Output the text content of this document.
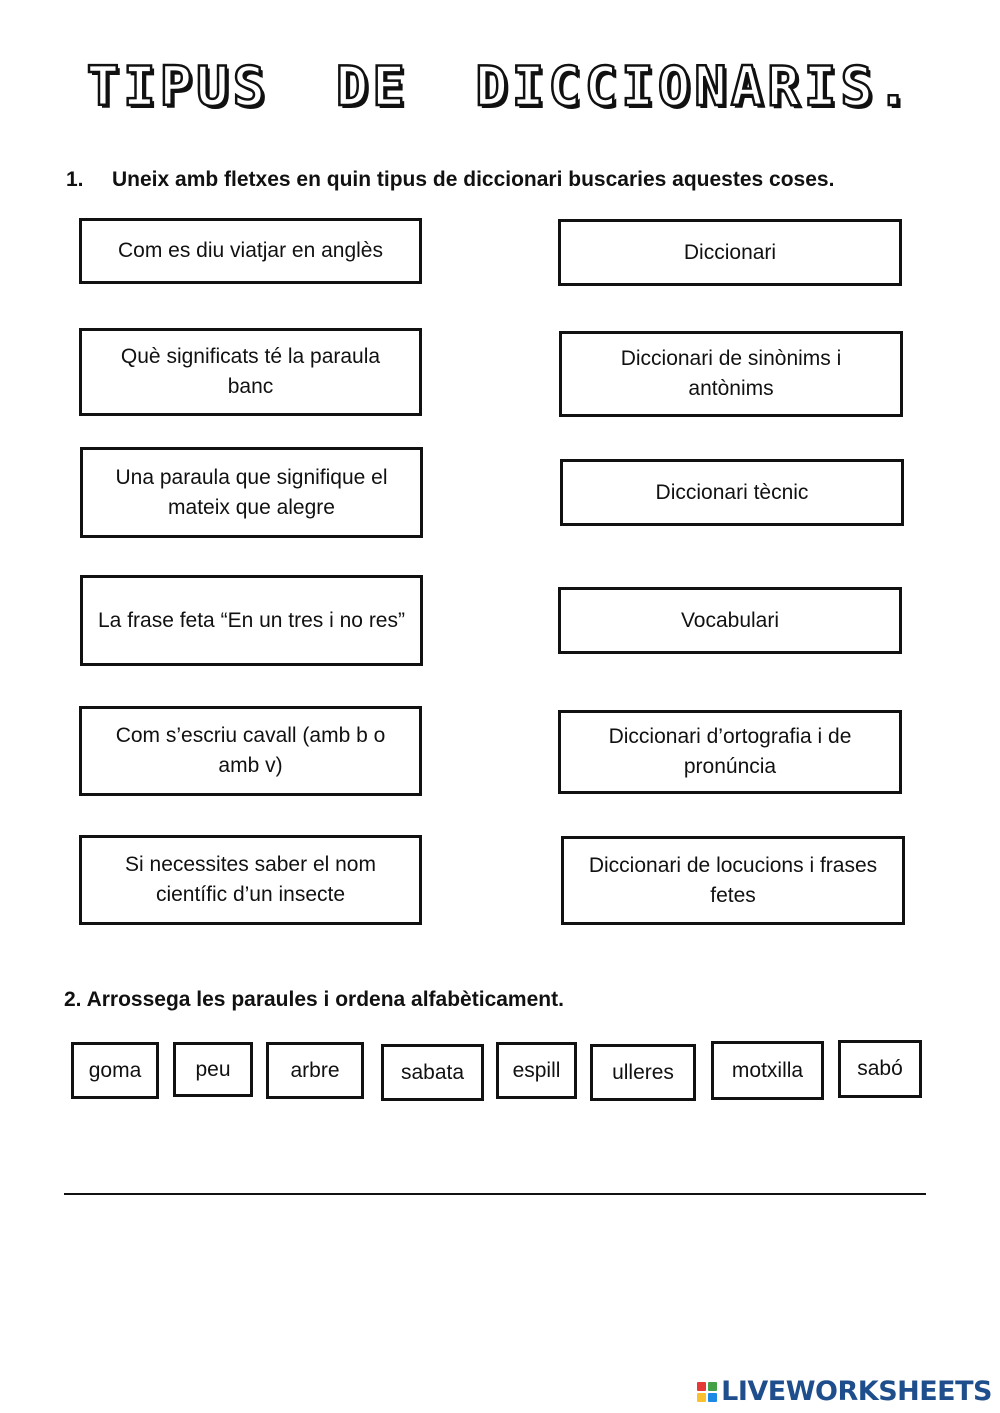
TIPUS DE DICCIONARIS.
1. Uneix amb fletxes en quin tipus de diccionari buscaries aquestes coses.
Com es diu viatjar en anglès
Què significats té la paraula banc
Una paraula que signifique el mateix que alegre
La frase feta “En un tres i no res”
Com s’escriu cavall (amb b o amb v)
Si necessites saber el nom científic d’un insecte
Diccionari
Diccionari de sinònims i antònims
Diccionari tècnic
Vocabulari
Diccionari d’ortografia i de pronúncia
Diccionari de locucions i frases fetes
2. Arrossega les paraules i ordena alfabèticament.
goma	peu	arbre	sabata	espill	ulleres	motxilla	sabó
LIVEWORKSHEETS
